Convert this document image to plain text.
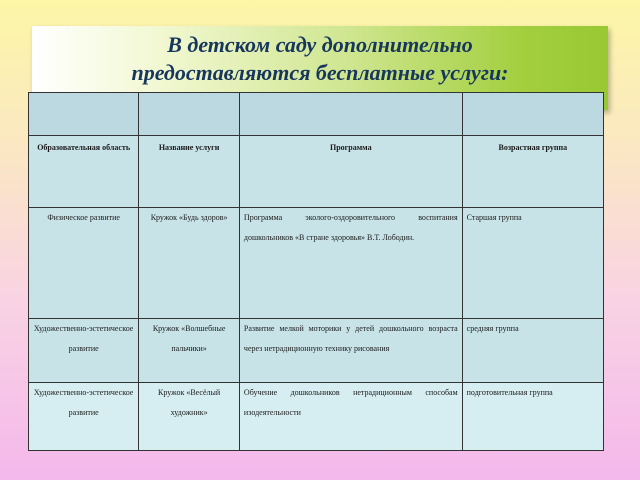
В детском саду дополнительно
предоставляются бесплатные услуги:

Образовательная область	Название услуги	Программа	Возрастная группа
Физическое развитие	Кружок «Будь здоров»	Программа эколого-оздоровительного воспитания дошкольников «В стране здоровья» В.Т. Лободин.	Старшая группа
Художественно-эстетическое развитие	Кружок «Волшебные пальчики»	Развитие мелкой моторики у детей дошкольного возраста через нетрадиционную технику рисования	средняя группа
Художественно-эстетическое развитие	Кружок «Весёлый художник»	Обучение дошкольников нетрадиционным способам изодеятельности	подготовительная группа
